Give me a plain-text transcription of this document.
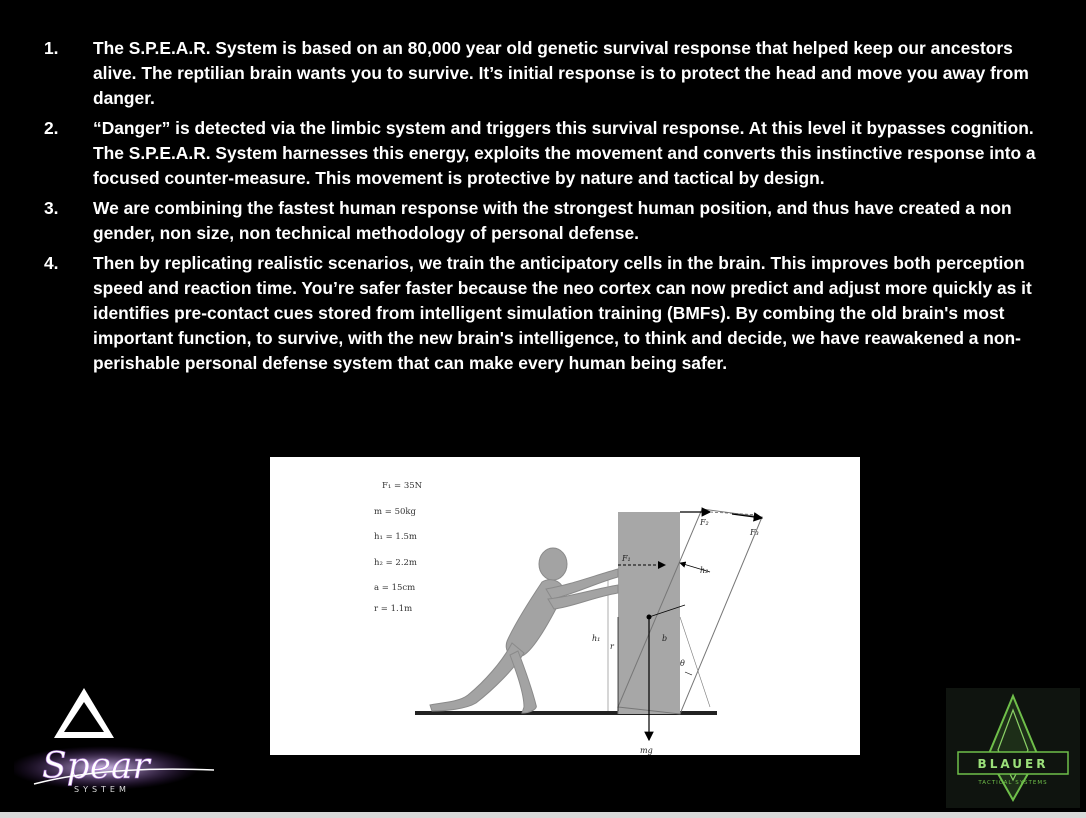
1.	The S.P.E.A.R. System is based on an 80,000 year old genetic survival response that helped keep our ancestors alive. The reptilian brain wants you to survive. It’s initial response is to protect the head and move you away from danger.
2.	“Danger” is detected via the limbic system and triggers this survival response. At this level it bypasses cognition. The S.P.E.A.R. System harnesses this energy, exploits the movement and converts this instinctive response into a focused counter-measure. This movement is protective by nature and tactical by design.
3.	We are combining the fastest human response with the strongest human position, and thus have created a non gender, non size, non technical methodology of personal defense.
4.	Then by replicating realistic scenarios, we train the anticipatory cells in the brain. This improves both perception speed and reaction time. You’re safer faster because the neo cortex can now predict and adjust more quickly as it identifies pre-contact cues stored from intelligent simulation training (BMFs). By combing the old brain's most important function, to survive, with the new brain's intelligence, to think and decide, we have reawakened a non-perishable personal defense system that can make every human being safer.
F₁ = 35N
m = 50kg
h₁ = 1.5m
h₂ = 2.2m
a = 15cm
r = 1.1m
F₁
F₂
F₃
h₂
h₁
r
b
θ
mg
Spear
SYSTEM
BLAUER
TACTICAL SYSTEMS
